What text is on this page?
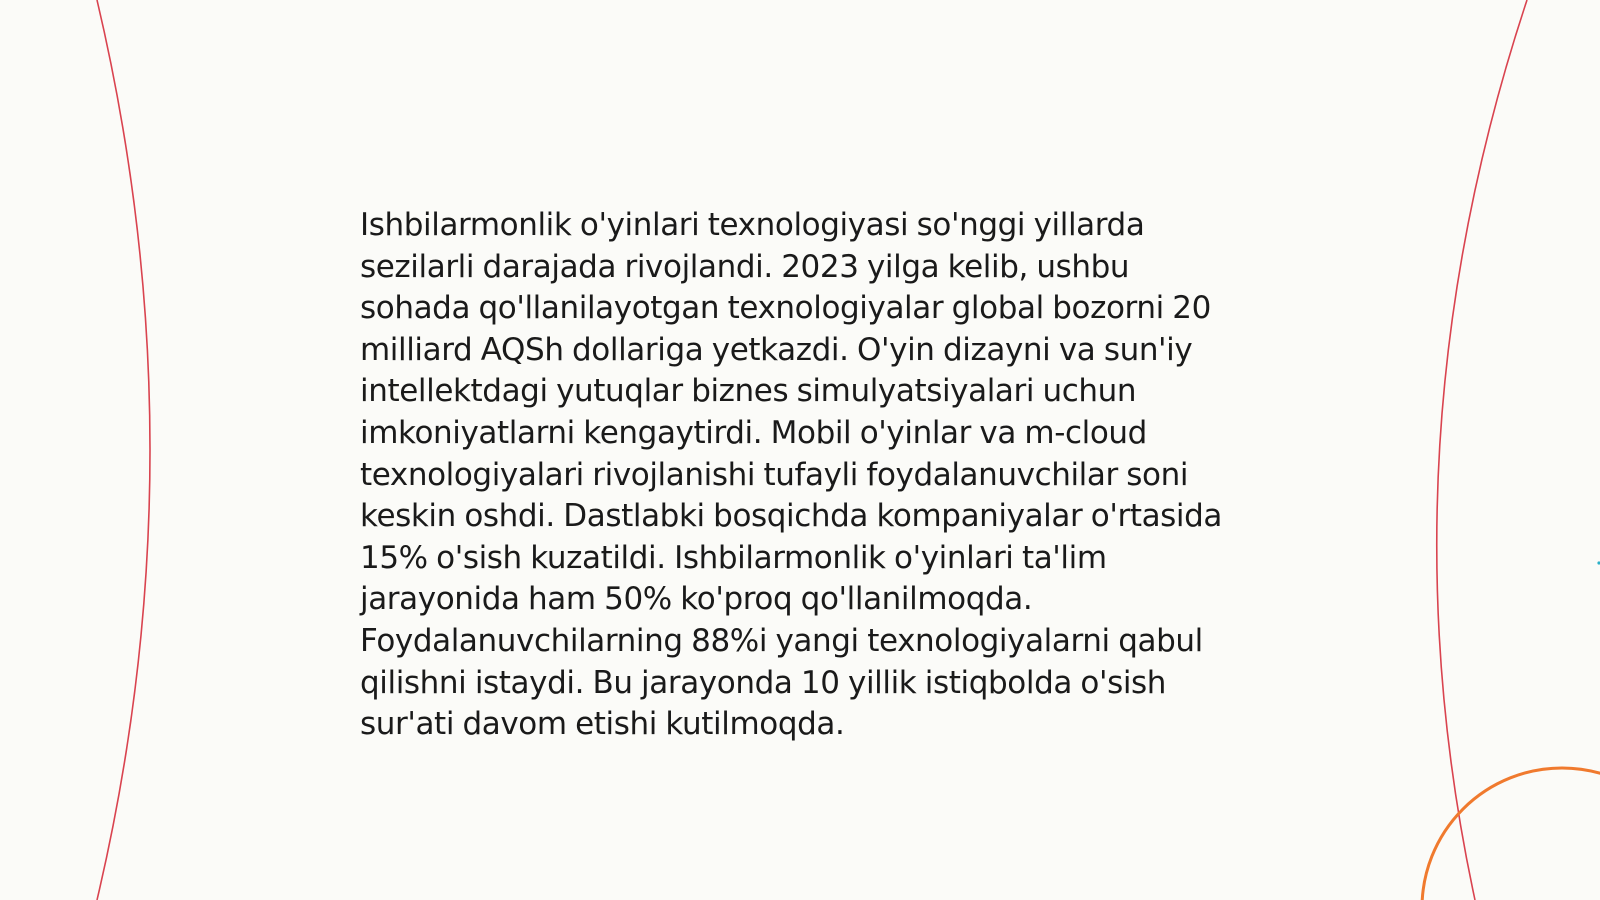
Ishbilarmonlik o'yinlari texnologiyasi so'nggi yillarda sezilarli darajada rivojlandi. 2023 yilga kelib, ushbu sohada qo'llanilayotgan texnologiyalar global bozorni 20 milliard AQSh dollariga yetkazdi. O'yin dizayni va sun'iy intellektdagi yutuqlar biznes simulyatsiyalari uchun imkoniyatlarni kengaytirdi. Mobil o'yinlar va m-cloud texnologiyalari rivojlanishi tufayli foydalanuvchilar soni keskin oshdi. Dastlabki bosqichda kompaniyalar o'rtasida 15% o'sish kuzatildi. Ishbilarmonlik o'yinlari ta'lim jarayonida ham 50% ko'proq qo'llanilmoqda. Foydalanuvchilarning 88%i yangi texnologiyalarni qabul qilishni istaydi. Bu jarayonda 10 yillik istiqbolda o'sish sur'ati davom etishi kutilmoqda.
